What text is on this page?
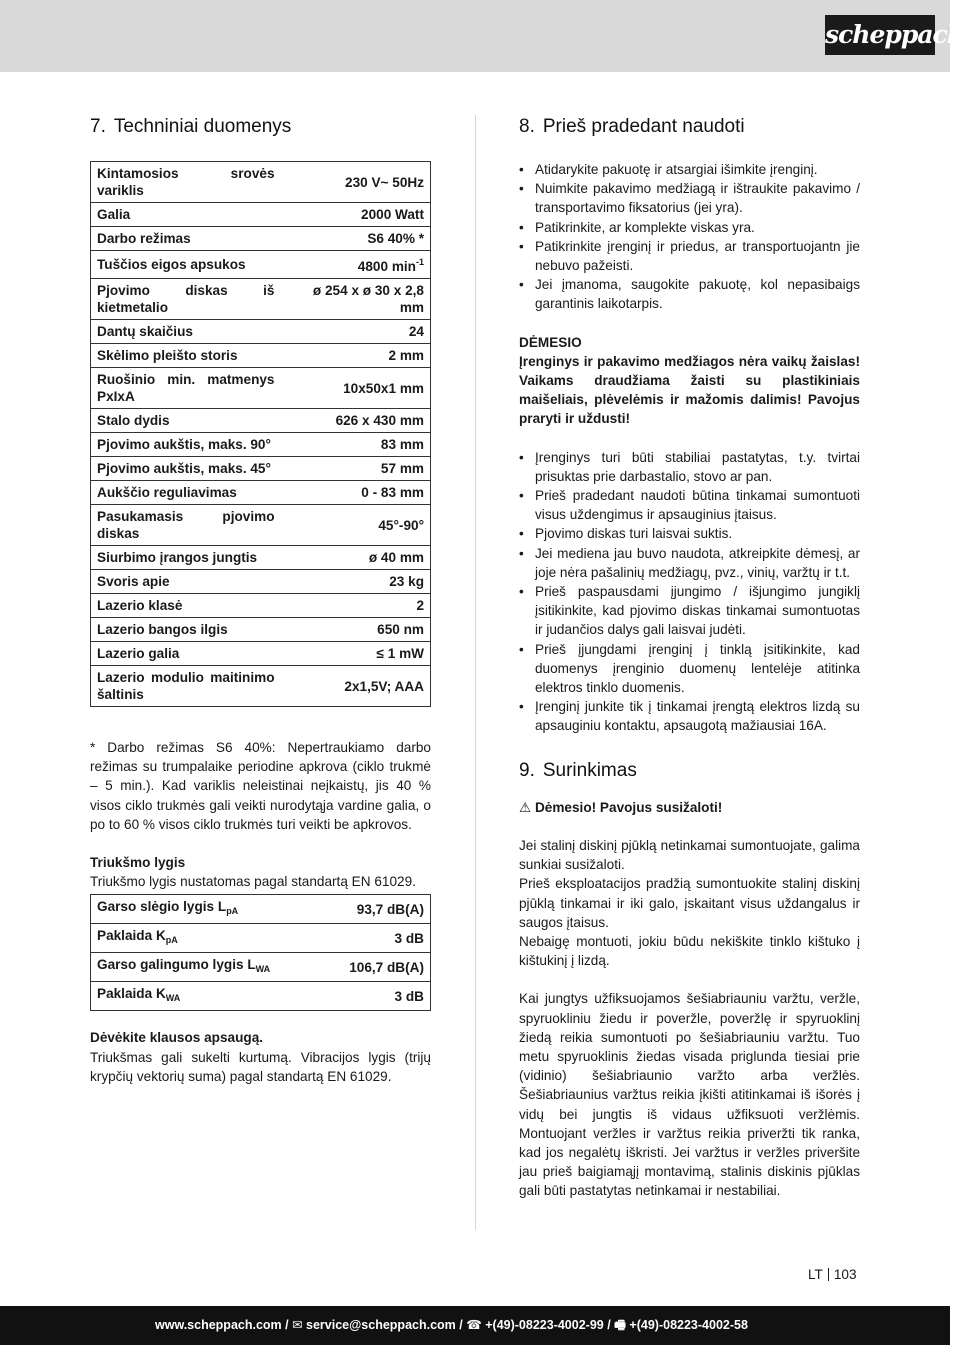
scheppach
7. Techniniai duomenys
Kintamosios srovės variklis	230 V~ 50Hz
Galia	2000 Watt
Darbo režimas	S6 40% *
Tuščios eigos apsukos	4800 $\min^{-1}$
Pjovimo diskas iš kietmetalio	ø 254 x ø 30 x 2,8 mm
Dantų skaičius	24
Skėlimo pleišto storis	2 mm
Ruošinio min. matmenys PxIxA	10x50x1 mm
Stalo dydis	626 x 430 mm
Pjovimo aukštis, maks. 90°	83 mm
Pjovimo aukštis, maks. 45°	57 mm
Aukščio reguliavimas	0 - 83 mm
Pasukamasis pjovimo diskas	45°-90°
Siurbimo įrangos jungtis	ø 40 mm
Svoris apie	23 kg
Lazerio klasė	2
Lazerio bangos ilgis	650 nm
Lazerio galia	≤ 1 mW
Lazerio modulio maitinimo šaltinis	2x1,5V; AAA

* Darbo režimas S6 40%: Nepertraukiamo darbo režimas su trumpalaike periodine apkrova (ciklo trukmė – 5 min.). Kad variklis neleistinai neįkaistų, jis 40 % visos ciklo trukmės gali veikti nurodytąja vardine galia, o po to 60 % visos ciklo trukmės turi veikti be apkrovos.

Triukšmo lygis

Triukšmo lygis nustatomas pagal standartą EN 61029.

Garso slėgio lygis $L_{pA}$	93,7 dB(A)
Paklaida $K_{pA}$	3 dB
Garso galingumo lygis $L_{WA}$	106,7 dB(A)
Paklaida $K_{WA}$	3 dB

Dėvėkite klausos apsaugą.

Triukšmas gali sukelti kurtumą. Vibracijos lygis (trijų krypčių vektorių suma) pagal standartą EN 61029.

8. Prieš pradedant naudoti
• Atidarykite pakuotę ir atsargiai išimkite įrenginį.
• Nuimkite pakavimo medžiagą ir ištraukite pakavimo / transportavimo fiksatorius (jei yra).
• Patikrinkite, ar komplekte viskas yra.
• Patikrinkite įrenginį ir priedus, ar transportuojantn jie nebuvo pažeisti.
• Jei įmanoma, saugokite pakuotę, kol nepasibaigs garantinis laikotarpis.

DĖMESIO

Įrenginys ir pakavimo medžiagos nėra vaikų žaislas! Vaikams draudžiama žaisti su plastikiniais maišeliais, plėvelėmis ir mažomis dalimis! Pavojus praryti ir uždusti!

• Įrenginys turi būti stabiliai pastatytas, t.y. tvirtai prisuktas prie darbastalio, stovo ar pan.
• Prieš pradedant naudoti būtina tinkamai sumontuoti visus uždengimus ir apsauginius įtaisus.
• Pjovimo diskas turi laisvai suktis.
• Jei mediena jau buvo naudota, atkreipkite dėmesį, ar joje nėra pašalinių medžiagų, pvz., vinių, varžtų ir t.t.
• Prieš paspausdami įjungimo / išjungimo jungiklį įsitikinkite, kad pjovimo diskas tinkamai sumontuotas ir judančios dalys gali laisvai judėti.
• Prieš įjungdami įrenginį į tinklą įsitikinkite, kad duomenys įrenginio duomenų lentelėje atitinka elektros tinklo duomenis.
• Įrenginį junkite tik į tinkamai įrengtą elektros lizdą su apsauginiu kontaktu, apsaugotą mažiausiai 16A.
9. Surinkimas

⚠ Dėmesio! Pavojus susižaloti!

Jei stalinį diskinį pjūklą netinkamai sumontuojate, galima sunkiai susižaloti.

Prieš eksploatacijos pradžią sumontuokite stalinį diskinį pjūklą tinkamai ir iki galo, įskaitant visus uždangalus ir saugos įtaisus.

Nebaigę montuoti, jokiu būdu nekiškite tinklo kištuko į kištukinį į lizdą.

Kai jungtys užfiksuojamos šešiabriauniu varžtu, veržle, spyruokliniu žiedu ir poveržle, poveržlę ir spyruoklinį žiedą reikia sumontuoti po šešiabriauniu varžtu. Tuo metu spyruoklinis žiedas visada priglunda tiesiai prie (vidinio) šešiabriaunio varžto arba veržlės. Šešiabriaunius varžtus reikia įkišti atitinkamai iš išorės į vidų bei jungtis iš vidaus užfiksuoti veržlėmis. Montuojant veržles ir varžtus reikia priveržti tik ranka, kad jos negalėtų iškristi. Jei varžtus ir veržles priveršite jau prieš baigiamąjį montavimą, stalinis diskinis pjūklas gali būti pastatytas netinkamai ir nestabiliai.

LT 103
www.scheppach.com / ✉ service@scheppach.com / ☎ +(49)-08223-4002-99 / 🖷 +(49)-08223-4002-58
